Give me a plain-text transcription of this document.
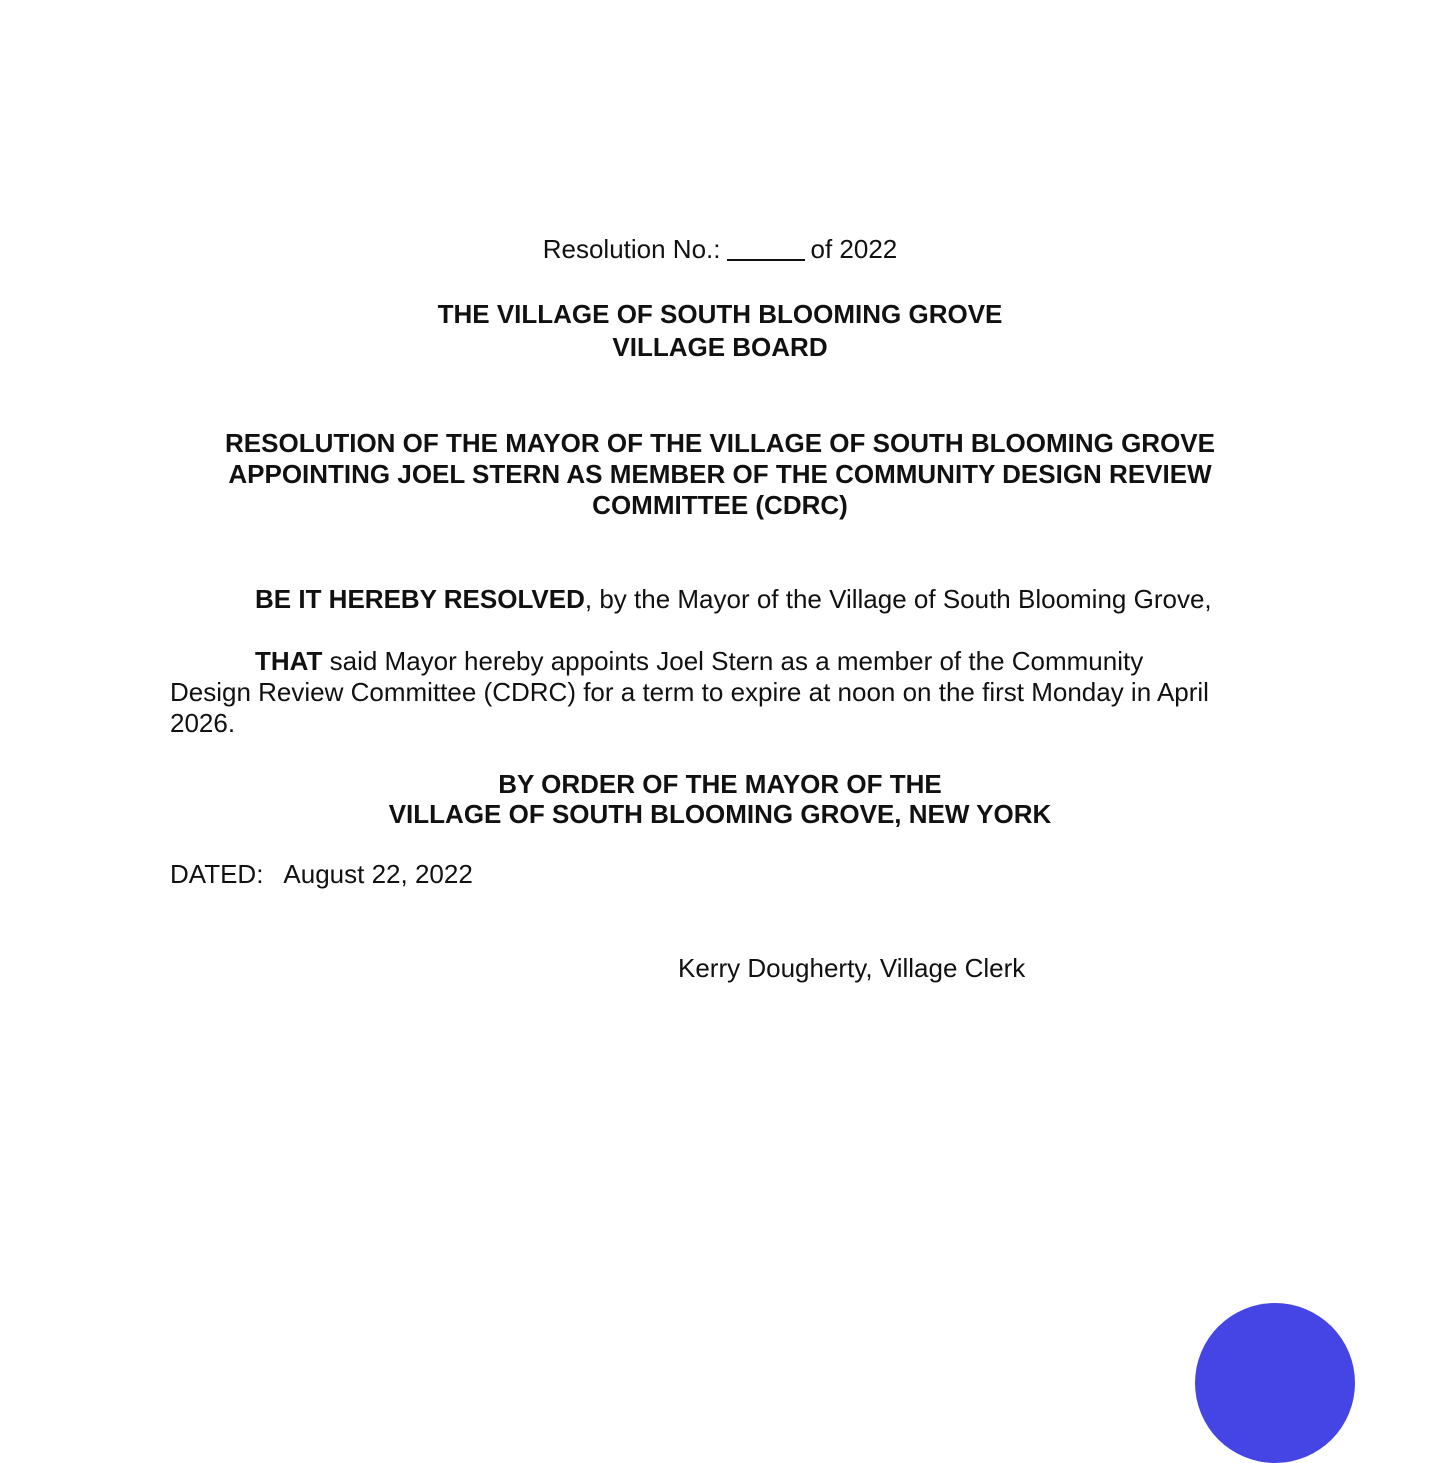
Resolution No.:	of 2022
THE VILLAGE OF SOUTH BLOOMING GROVE
VILLAGE BOARD
RESOLUTION OF THE MAYOR OF THE VILLAGE OF SOUTH BLOOMING GROVE
APPOINTING JOEL STERN AS MEMBER OF THE COMMUNITY DESIGN REVIEW
COMMITTEE (CDRC)
BE IT HEREBY RESOLVED, by the Mayor of the Village of South Blooming Grove,
THAT said Mayor hereby appoints Joel Stern as a member of the Community
Design Review Committee (CDRC) for a term to expire at noon on the first Monday in April
2026.
BY ORDER OF THE MAYOR OF THE
VILLAGE OF SOUTH BLOOMING GROVE, NEW YORK
DATED: August 22, 2022
Kerry Dougherty, Village Clerk
